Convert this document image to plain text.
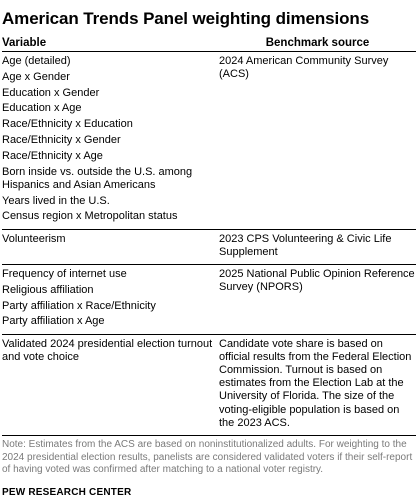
American Trends Panel weighting dimensions
Variable	Benchmark source
Age (detailed)
Age x Gender
Education x Gender
Education x Age
Race/Ethnicity x Education
Race/Ethnicity x Gender
Race/Ethnicity x Age
Born inside vs. outside the U.S. among Hispanics and Asian Americans
Years lived in the U.S.
Census region x Metropolitan status
2024 American Community Survey (ACS)
Volunteerism	2023 CPS Volunteering & Civic Life Supplement
Frequency of internet use
Religious affiliation
Party affiliation x Race/Ethnicity
Party affiliation x Age
2025 National Public Opinion Reference Survey (NPORS)
Validated 2024 presidential election turnout and vote choice
Candidate vote share is based on official results from the Federal Election Commission. Turnout is based on estimates from the Election Lab at the University of Florida. The size of the voting-eligible population is based on the 2023 ACS.
Note: Estimates from the ACS are based on noninstitutionalized adults. For weighting to the 2024 presidential election results, panelists are considered validated voters if their self-report of having voted was confirmed after matching to a national voter registry.
PEW RESEARCH CENTER
